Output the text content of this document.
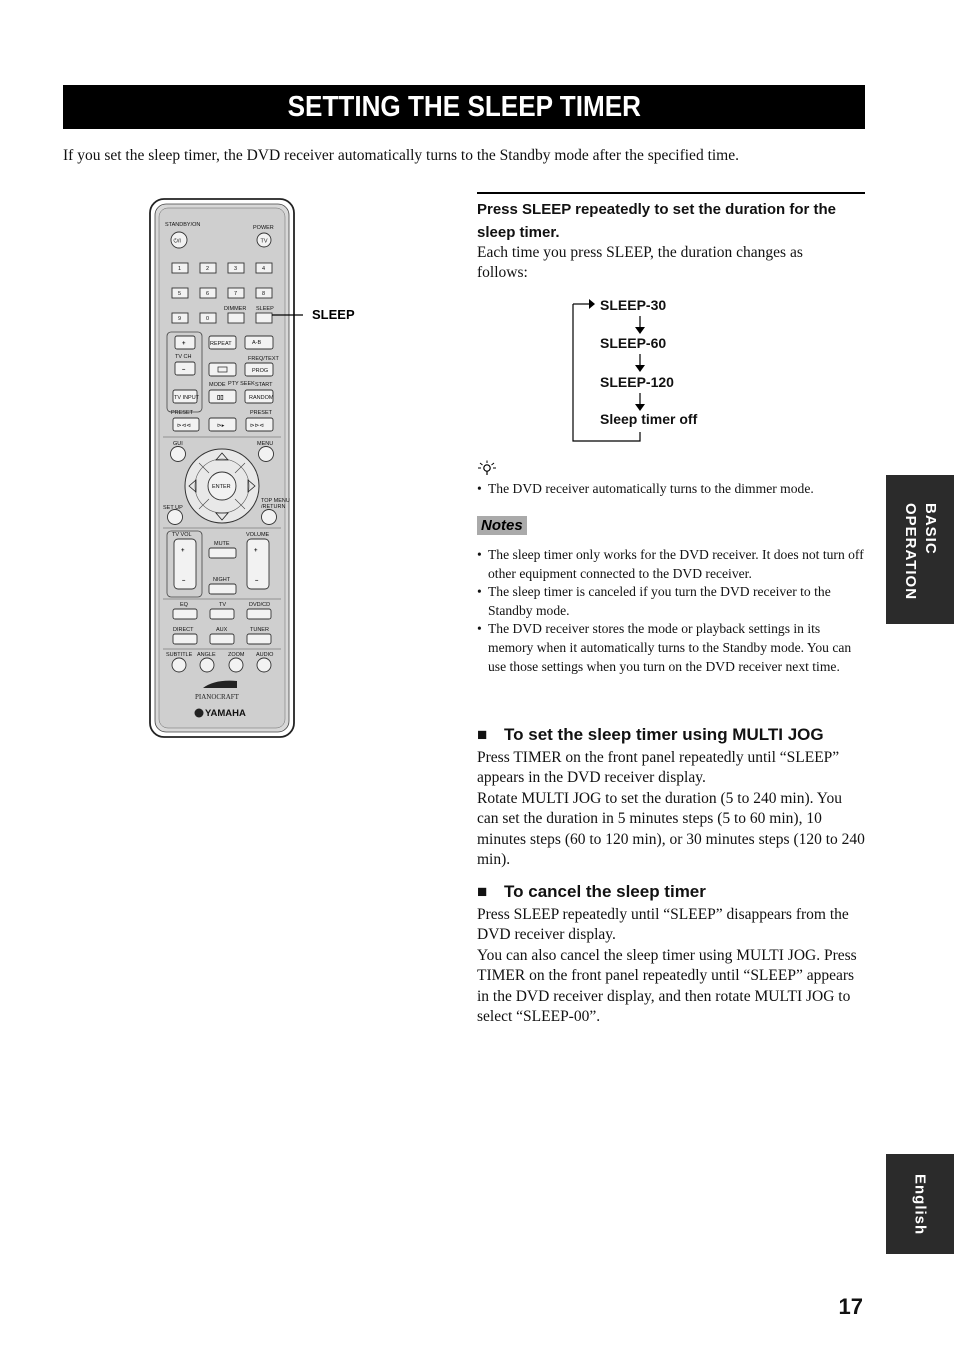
SETTING THE SLEEP TIMER
If you set the sleep timer, the DVD receiver automatically turns to the Standby mode after the specified time.
STANDBY/ON
⏻/I
POWER
TV
1	2	3	4
5	6	7	8
9	0
DIMMER SLEEP	SLEEP
+
TV CH
–
TV INPUT
REPEAT	A-B
FREQ/TEXT
PROG
MODE PTY SEEK START
▯▯	RANDOM
PRESET	PRESET
⊳⊲⊲	⊳▸	⊳⊳⊲
GUI	MENU
ENTER
SET UP
TOP MENU
/RETURN
TV VOL	VOLUME
+
–
+
–
MUTE
NIGHT
EQ	TV	DVD/CD
DIRECT	AUX	TUNER
SUBTITLE ANGLE ZOOM AUDIO
PIANOCRAFT
YAMAHA
Press SLEEP repeatedly to set the duration for the sleep timer.
Each time you press SLEEP, the duration changes as follows:
SLEEP-30
SLEEP-60
SLEEP-120
Sleep timer off
• The DVD receiver automatically turns to the dimmer mode.
Notes
• The sleep timer only works for the DVD receiver. It does not turn off other equipment connected to the DVD receiver.
• The sleep timer is canceled if you turn the DVD receiver to the Standby mode.
• The DVD receiver stores the mode or playback settings in its memory when it automatically turns to the Standby mode. You can use those settings when you turn on the DVD receiver next time.
■ To set the sleep timer using MULTI JOG
Press TIMER on the front panel repeatedly until “SLEEP” appears in the DVD receiver display.
Rotate MULTI JOG to set the duration (5 to 240 min). You can set the duration in 5 minutes steps (5 to 60 min), 10 minutes steps (60 to 120 min), or 30 minutes steps (120 to 240 min).
■ To cancel the sleep timer
Press SLEEP repeatedly until “SLEEP” disappears from the DVD receiver display.
You can also cancel the sleep timer using MULTI JOG. Press TIMER on the front panel repeatedly until “SLEEP” appears in the DVD receiver display, and then rotate MULTI JOG to select “SLEEP-00”.
BASIC
OPERATION
English
17
